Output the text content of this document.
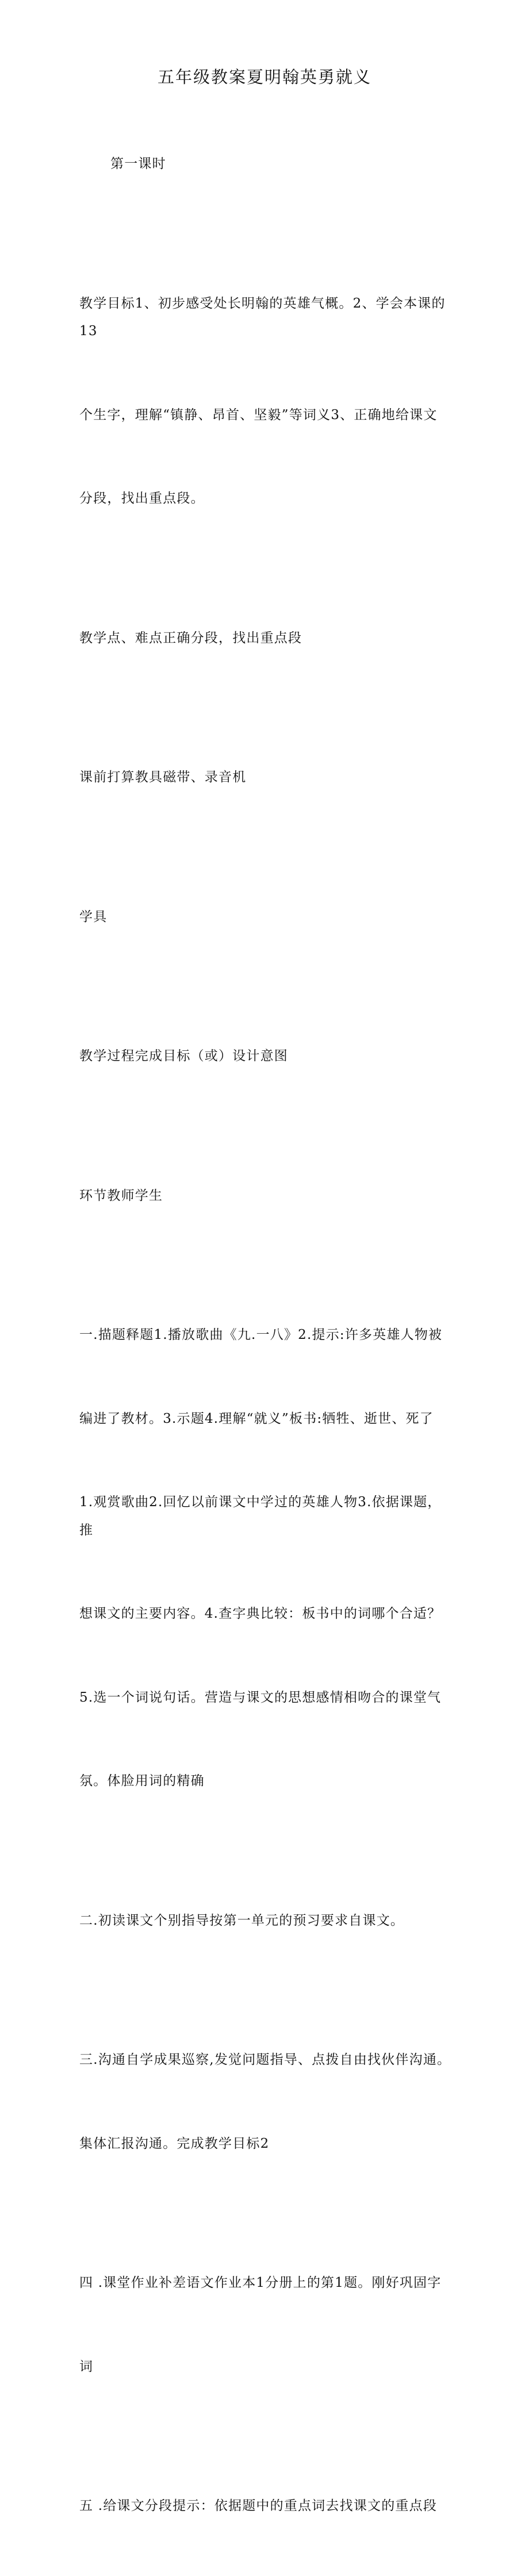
五年级教案夏明翰英勇就义

第一课时

教学目标1、初步感受处长明翰的英雄气概。2、学会本课的13

个生字，理解“镇静、昂首、坚毅”等词义3、正确地给课文

分段，找出重点段。

教学点、难点正确分段，找出重点段

课前打算教具磁带、录音机

学具

教学过程完成目标（或）设计意图

环节教师学生

一.描题释题1.播放歌曲《九.一八》2.提示:许多英雄人物被

编进了教材。3.示题4.理解“就义”板书:牺牲、逝世、死了

1.观赏歌曲2.回忆以前课文中学过的英雄人物3.依据课题，推

想课文的主要内容。4.查字典比较：板书中的词哪个合适？

5.选一个词说句话。营造与课文的思想感情相吻合的课堂气

氛。体脸用词的精确

二.初读课文个别指导按第一单元的预习要求自课文。

三.沟通自学成果巡察,发觉问题指导、点拨自由找伙伴沟通。

集体汇报沟通。完成教学目标2

四 .课堂作业补差语文作业本1分册上的第1题。刚好巩固字

词

五 .给课文分段提示：依据题中的重点词去找课文的重点段
